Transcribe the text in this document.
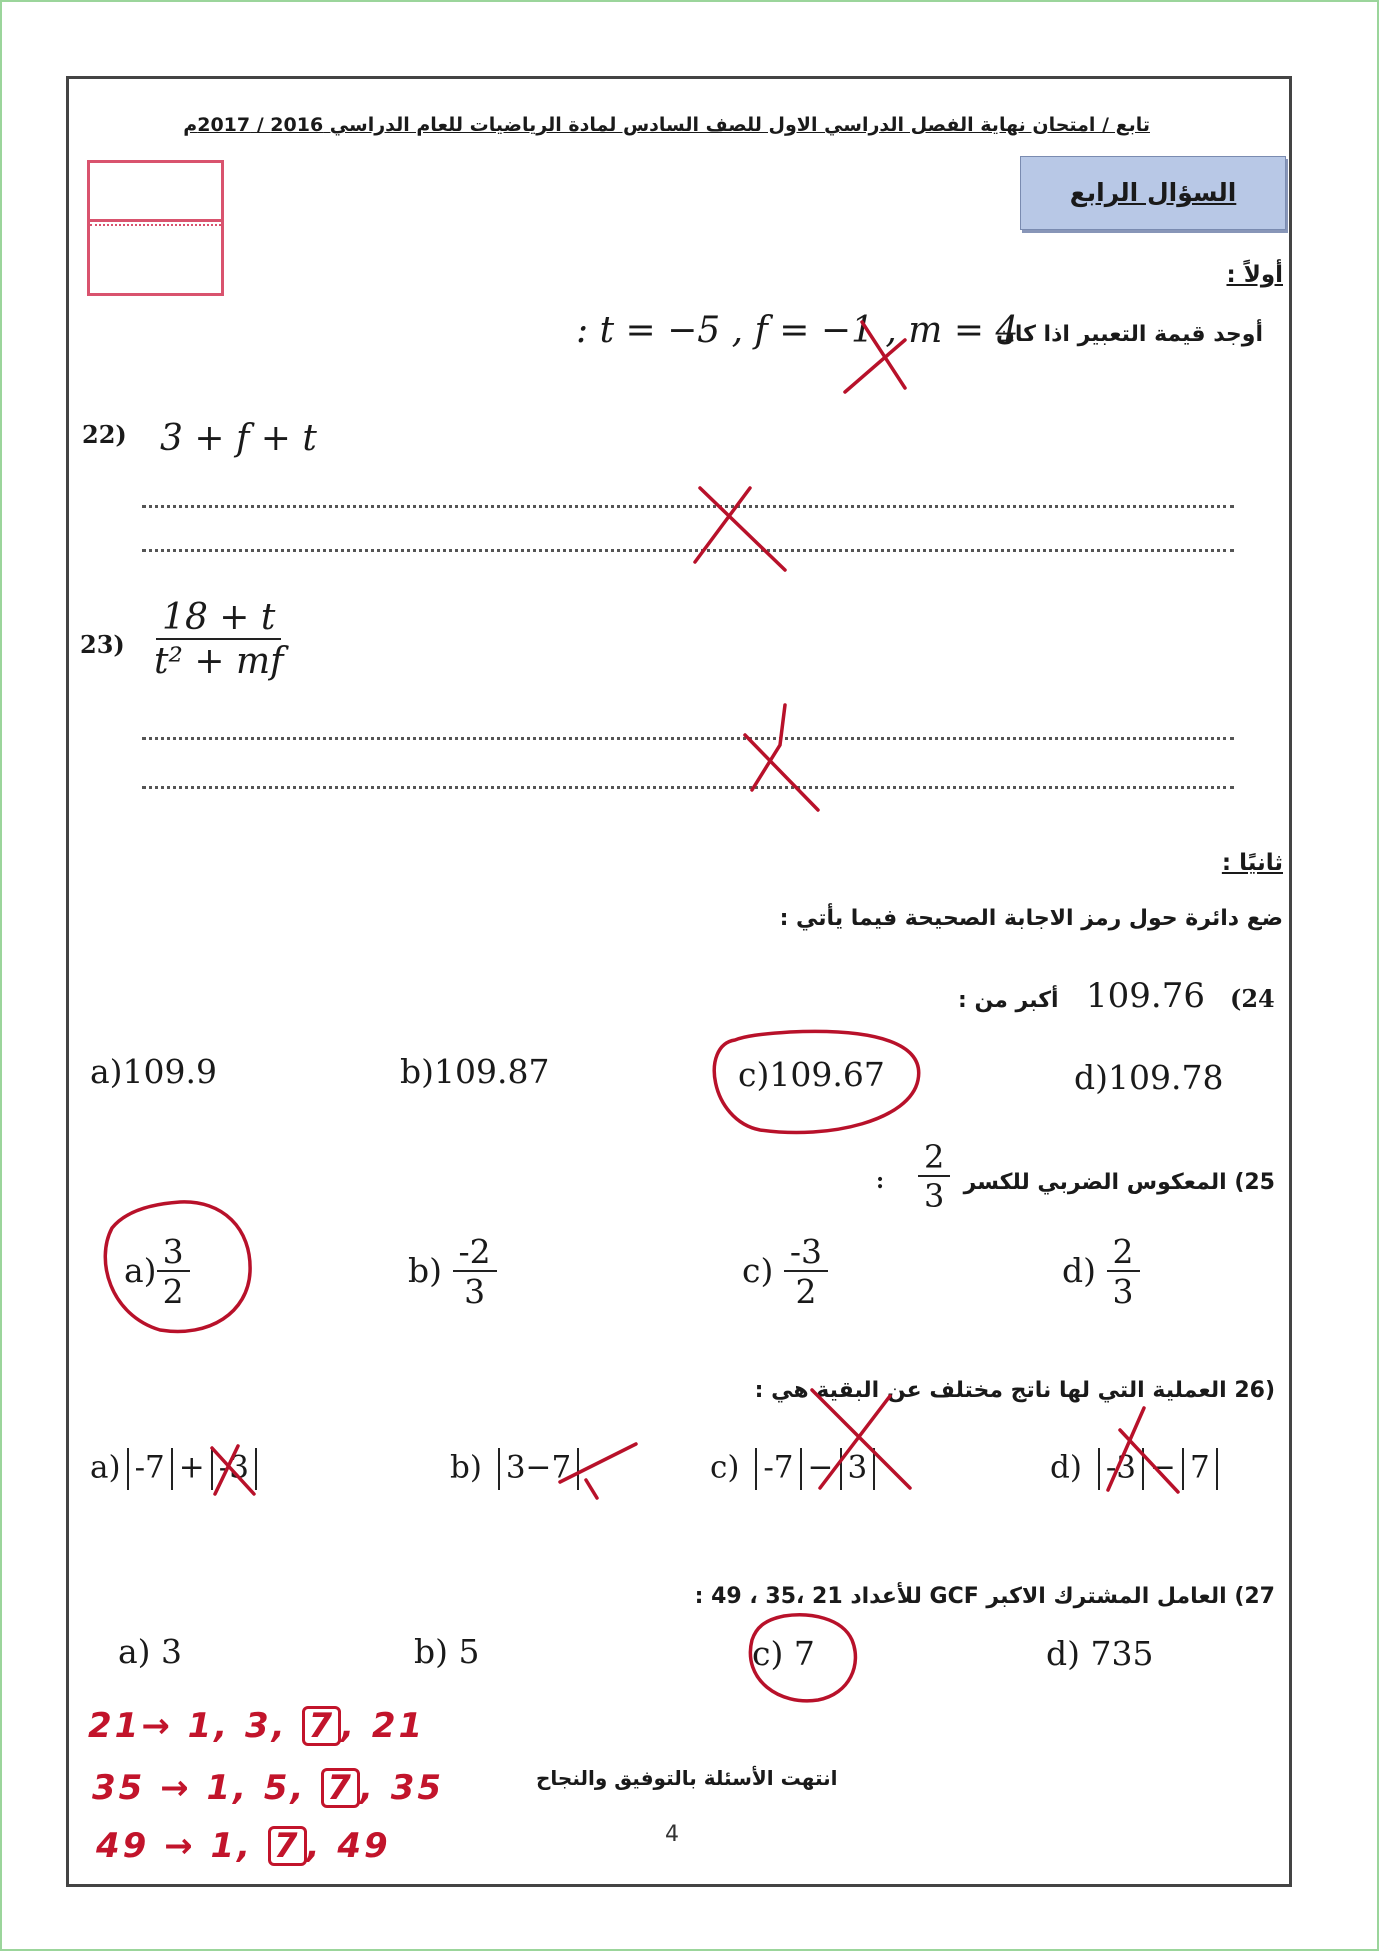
تابع / امتحان نهاية الفصل الدراسي الاول للصف السادس لمادة الرياضيات للعام الدراسي 2016 / 2017م
السؤال الرابع
أولاً :
أوجد قيمة التعبير اذا كان
: t = −5 , f = −1 , m = 4
22) 3 + f + t
$23) \frac{18 + t}{\text{t² + mf}}$
ثانيًا :
ضع دائرة حول رمز الاجابة الصحيحة فيما يأتي :
(24
109.76
أكبر من :
a)109.9	b)109.87	c)109.67	d)109.78
25) المعكوس الضربي للكسر
$\frac{2}{3}$
:
$a) \frac{3}{2}$	$b) \frac{-2}{3}$	$c) \frac{-3}{2}$	$d) \frac{2}{3}$
(26 العملية التي لها ناتج مختلف عن البقية هي :
a) -7 + -3	b) 3−7	c) -7 − 3	d) -3 − 7
27) العامل المشترك الاكبر GCF للأعداد 21 ،35 ، 49 :
a) 3	b) 5	c) 7	d) 735
21→ 1, 3, 7 , 21
35 → 1, 5, 7 , 35
49 → 1, 7 , 49
انتهت الأسئلة بالتوفيق والنجاح
4
